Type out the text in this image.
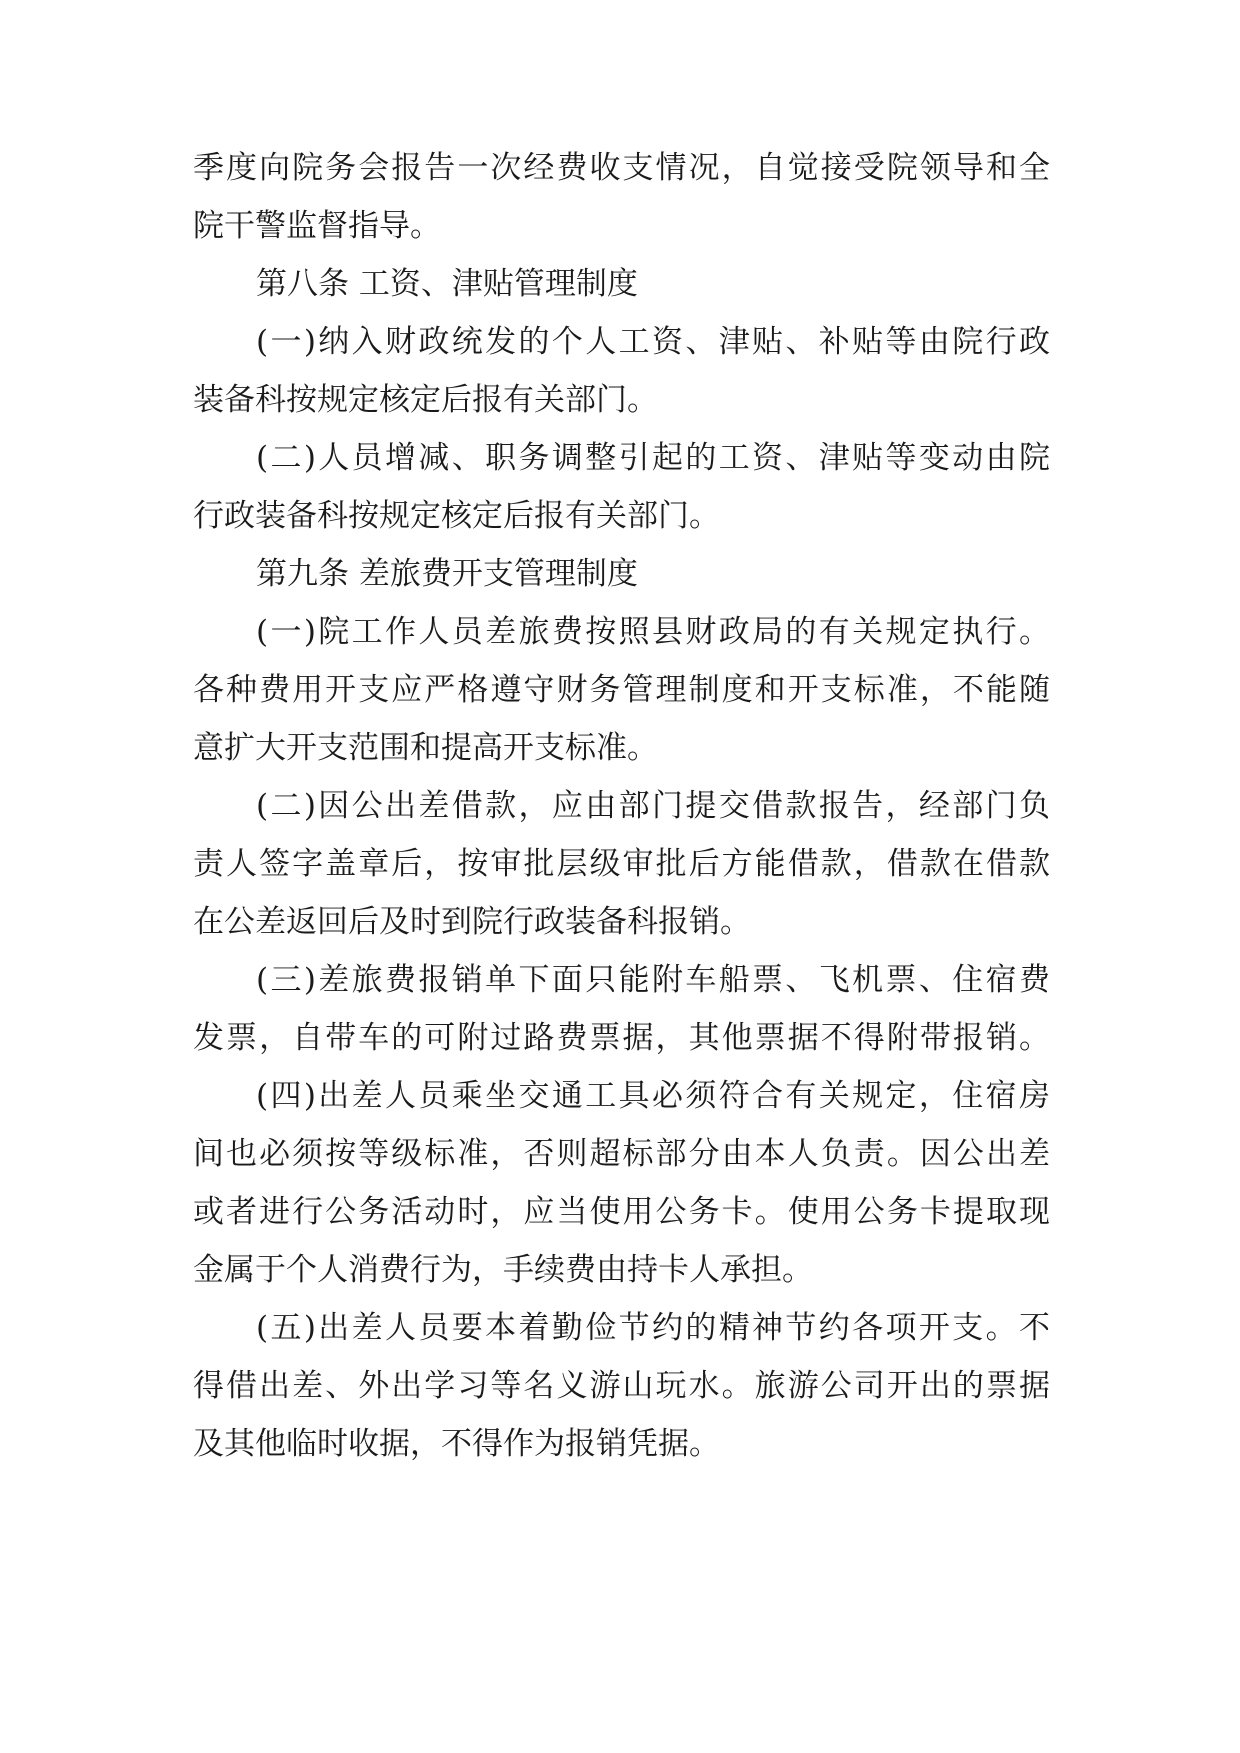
季度向院务会报告一次经费收支情况，自觉接受院领导和全

院干警监督指导。

第八条 工资、津贴管理制度

(一)纳入财政统发的个人工资、津贴、补贴等由院行政

装备科按规定核定后报有关部门。

(二)人员增减、职务调整引起的工资、津贴等变动由院

行政装备科按规定核定后报有关部门。

第九条 差旅费开支管理制度

(一)院工作人员差旅费按照县财政局的有关规定执行。

各种费用开支应严格遵守财务管理制度和开支标准，不能随

意扩大开支范围和提高开支标准。

(二)因公出差借款，应由部门提交借款报告，经部门负

责人签字盖章后，按审批层级审批后方能借款，借款在借款

在公差返回后及时到院行政装备科报销。

(三)差旅费报销单下面只能附车船票、飞机票、住宿费

发票，自带车的可附过路费票据，其他票据不得附带报销。

(四)出差人员乘坐交通工具必须符合有关规定，住宿房

间也必须按等级标准，否则超标部分由本人负责。因公出差

或者进行公务活动时，应当使用公务卡。使用公务卡提取现

金属于个人消费行为，手续费由持卡人承担。

(五)出差人员要本着勤俭节约的精神节约各项开支。不

得借出差、外出学习等名义游山玩水。旅游公司开出的票据

及其他临时收据，不得作为报销凭据。
